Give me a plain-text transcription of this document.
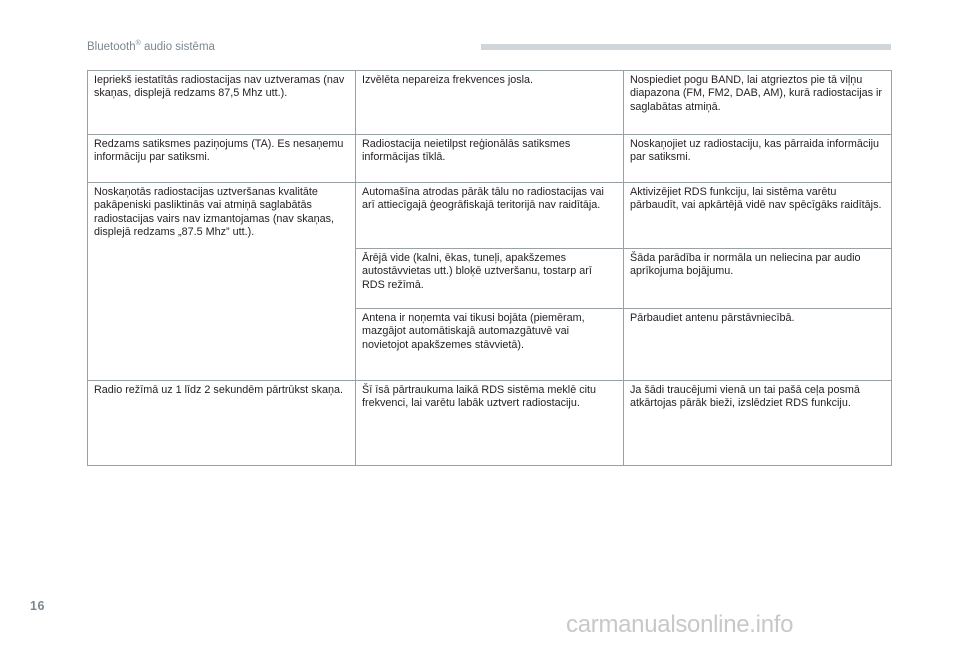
Bluetooth® audio sistēma
Iepriekš iestatītās radiostacijas nav uztveramas (nav skaņas, displejā redzams 87,5 Mhz utt.).	Izvēlēta nepareiza frekvences josla.	Nospiediet pogu BAND, lai atgrieztos pie tā viļņu diapazona (FM, FM2, DAB, AM), kurā radiostacijas ir saglabātas atmiņā.
Redzams satiksmes paziņojums (TA). Es nesaņemu informāciju par satiksmi.	Radiostacija neietilpst reģionālās satiksmes informācijas tīklā.	Noskaņojiet uz radiostaciju, kas pārraida informāciju par satiksmi.
Noskaņotās radiostacijas uztveršanas kvalitāte pakāpeniski pasliktinās vai atmiņā saglabātās radiostacijas vairs nav izmantojamas (nav skaņas, displejā redzams „87.5 Mhz” utt.).	Automašīna atrodas pārāk tālu no radiostacijas vai arī attiecīgajā ģeogrāfiskajā teritorijā nav raidītāja.	Aktivizējiet RDS funkciju, lai sistēma varētu pārbaudīt, vai apkārtējā vidē nav spēcīgāks raidītājs.
	Ārējā vide (kalni, ēkas, tuneļi, apakšzemes autostāvvietas utt.) bloķē uztveršanu, tostarp arī RDS režīmā.	Šāda parādība ir normāla un neliecina par audio aprīkojuma bojājumu.
	Antena ir noņemta vai tikusi bojāta (piemēram, mazgājot automātiskajā automazgātuvē vai novietojot apakšzemes stāvvietā).	Pārbaudiet antenu pārstāvniecībā.
Radio režīmā uz 1 līdz 2 sekundēm pārtrūkst skaņa.	Šī īsā pārtraukuma laikā RDS sistēma meklē citu frekvenci, lai varētu labāk uztvert radiostaciju.	Ja šādi traucējumi vienā un tai pašā ceļa posmā atkārtojas pārāk bieži, izslēdziet RDS funkciju.
16
carmanualsonline.info
